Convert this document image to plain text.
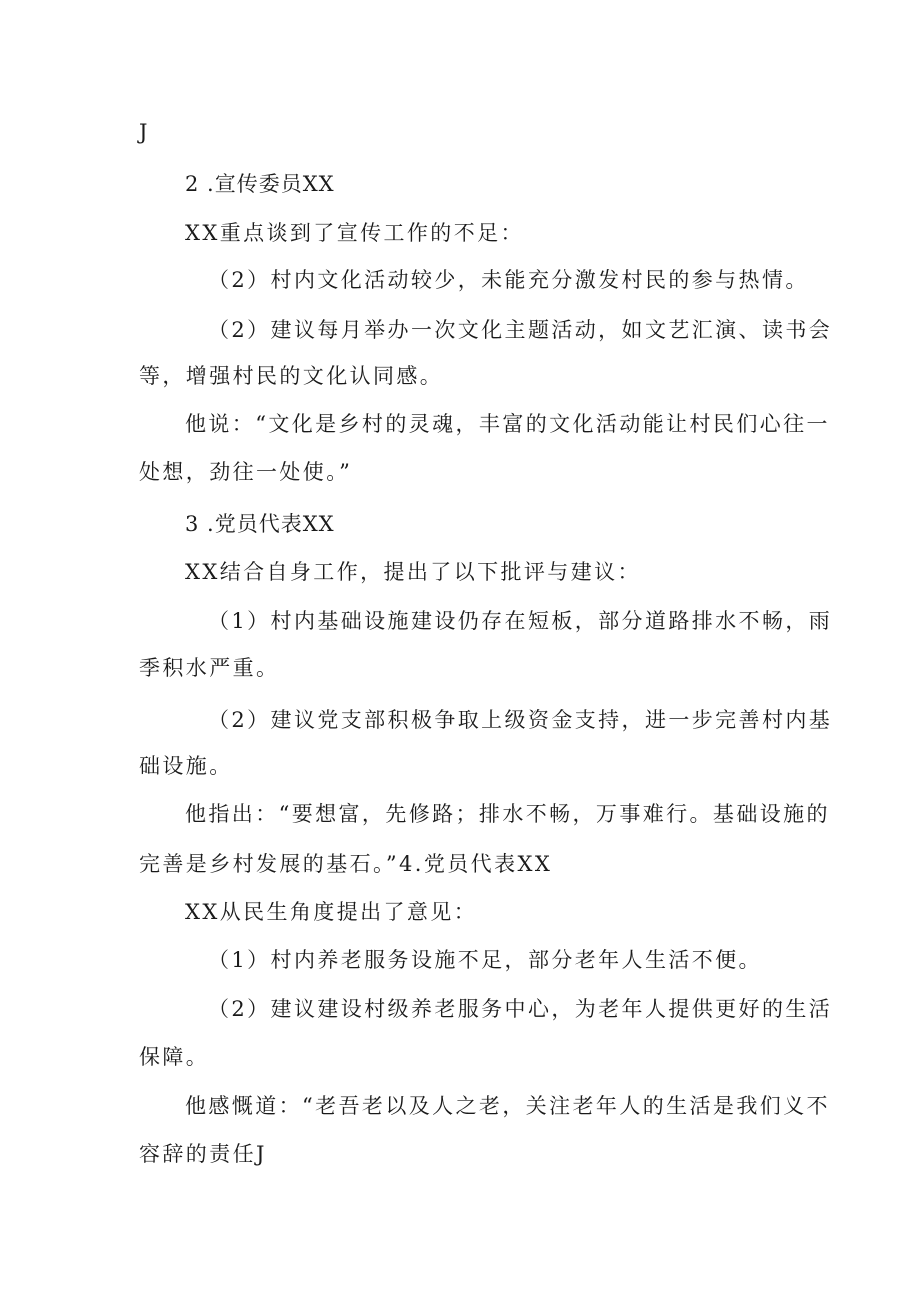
J
2 .宣传委员XX
XX重点谈到了宣传工作的不足：
（2）村内文化活动较少，未能充分激发村民的参与热情。
（2）建议每月举办一次文化主题活动，如文艺汇演、读书会
等，增强村民的文化认同感。
他说：“文化是乡村的灵魂，丰富的文化活动能让村民们心往一
处想，劲往一处使。”
3 .党员代表XX
XX结合自身工作，提出了以下批评与建议：
（1）村内基础设施建设仍存在短板，部分道路排水不畅，雨
季积水严重。
（2）建议党支部积极争取上级资金支持，进一步完善村内基
础设施。
他指出：“要想富，先修路；排水不畅，万事难行。基础设施的
完善是乡村发展的基石。”4.党员代表XX
XX从民生角度提出了意见：
（1）村内养老服务设施不足，部分老年人生活不便。
（2）建议建设村级养老服务中心，为老年人提供更好的生活
保障。
他感慨道：“老吾老以及人之老，关注老年人的生活是我们义不
容辞的责任J
